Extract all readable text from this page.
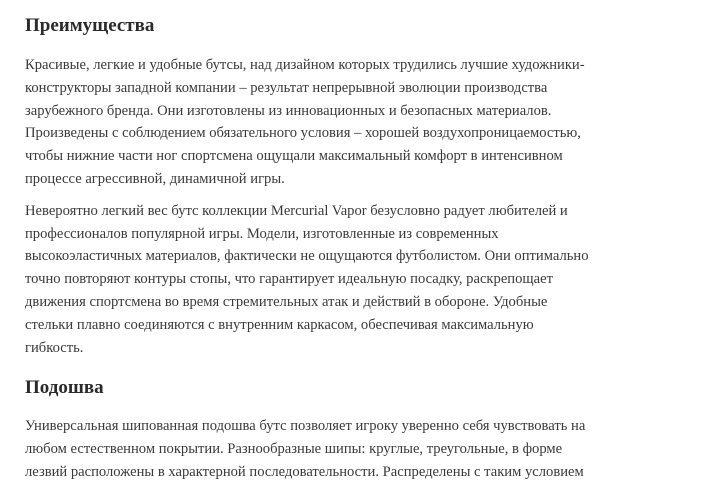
Преимущества

Красивые, легкие и удобные бутсы, над дизайном которых трудились лучшие художники-
конструкторы западной компании – результат непрерывной эволюции производства
зарубежного бренда. Они изготовлены из инновационных и безопасных материалов.
Произведены с соблюдением обязательного условия – хорошей воздухопроницаемостью,
чтобы нижние части ног спортсмена ощущали максимальный комфорт в интенсивном
процессе агрессивной, динамичной игры.

Невероятно легкий вес бутс коллекции Mercurial Vapor безусловно радует любителей и
профессионалов популярной игры. Модели, изготовленные из современных
высокоэластичных материалов, фактически не ощущаются футболистом. Они оптимально
точно повторяют контуры стопы, что гарантирует идеальную посадку, раскрепощает
движения спортсмена во время стремительных атак и действий в обороне. Удобные
стельки плавно соединяются с внутренним каркасом, обеспечивая максимальную
гибкость.

Подошва

Универсальная шипованная подошва бутс позволяет игроку уверенно себя чувствовать на
любом естественном покрытии. Разнообразные шипы: круглые, треугольные, в форме
лезвий расположены в характерной последовательности. Распределены с таким условием
